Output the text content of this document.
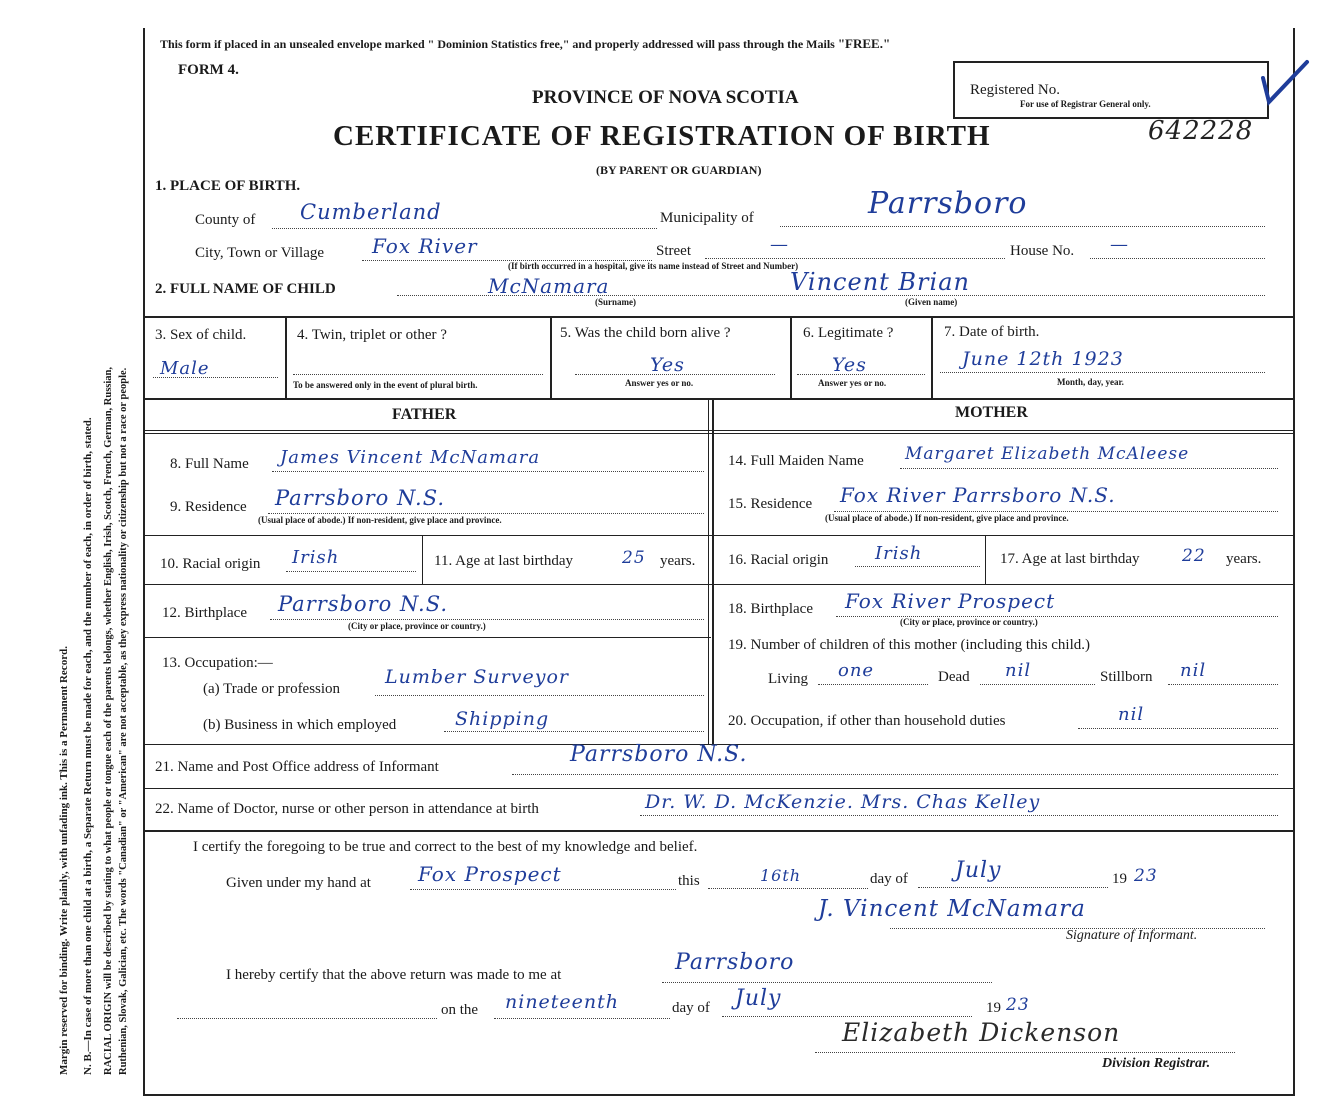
Margin reserved for binding. Write plainly, with unfading ink. This is a Permanent Record. N. B.—In case of more than one child at a birth, a Separate Return must be made for each, and the number of each, in order of birth, stated. RACIAL ORIGIN will be described by stating to what people or tongue each of the parents belongs, whether English, Irish, Scotch, French, German, Russian, Ruthenian, Slovak, Galician, etc. The words "Canadian" or "American" are not acceptable, as they express nationality or citizenship but not a race or people.
This form if placed in an unsealed envelope marked " Dominion Statistics free," and properly addressed will pass through the Mails "FREE."
FORM 4.
PROVINCE OF NOVA SCOTIA
CERTIFICATE OF REGISTRATION OF BIRTH
(BY PARENT OR GUARDIAN)
Registered No.
For use of Registrar General only.
642228
1. PLACE OF BIRTH.
County of Cumberland	Municipality of	Parrsboro
City, Town or Village Fox River	Street	—	House No. —
(If birth occurred in a hospital, give its name instead of Street and Number)
2. FULL NAME OF CHILD	McNamara	Vincent Brian
(Surname)	(Given name)
3. Sex of child.
Male
4. Twin, triplet or other ?
To be answered only in the event of plural birth.
5. Was the child born alive ?
Yes
Answer yes or no.
6. Legitimate ?
Yes
Answer yes or no.
7. Date of birth.
June 12th 1923
Month, day, year.
FATHER	MOTHER
8. Full Name James Vincent McNamara
9. Residence Parrsboro N.S.
(Usual place of abode.) If non-resident, give place and province.
10. Racial origin Irish	11. Age at last birthday	25 years.
12. Birthplace Parrsboro N.S.
(City or place, province or country.)
13. Occupation:—
(a) Trade or profession
Lumber Surveyor
(b) Business in which employed	Shipping
14. Full Maiden Name Margaret Elizabeth McAleese
15. Residence Fox River Parrsboro N.S.
(Usual place of abode.) If non-resident, give place and province.
16. Racial origin	Irish	17. Age at last birthday 22 years.
18. Birthplace Fox River Prospect
(City or place, province or country.)
19. Number of children of this mother (including this child.)
Living one	Dead nil	Stillborn nil
20. Occupation, if other than household duties	nil
21. Name and Post Office address of Informant	Parrsboro N.S.
22. Name of Doctor, nurse or other person in attendance at birth	Dr. W. D. McKenzie. Mrs. Chas Kelley
I certify the foregoing to be true and correct to the best of my knowledge and belief.
Given under my hand at Fox Prospect	this	16th	day of July	19 23
J. Vincent McNamara
Signature of Informant.
I hereby certify that the above return was made to me at	Parrsboro
on the nineteenth	day of July	19 23
Elizabeth Dickenson
Division Registrar.
